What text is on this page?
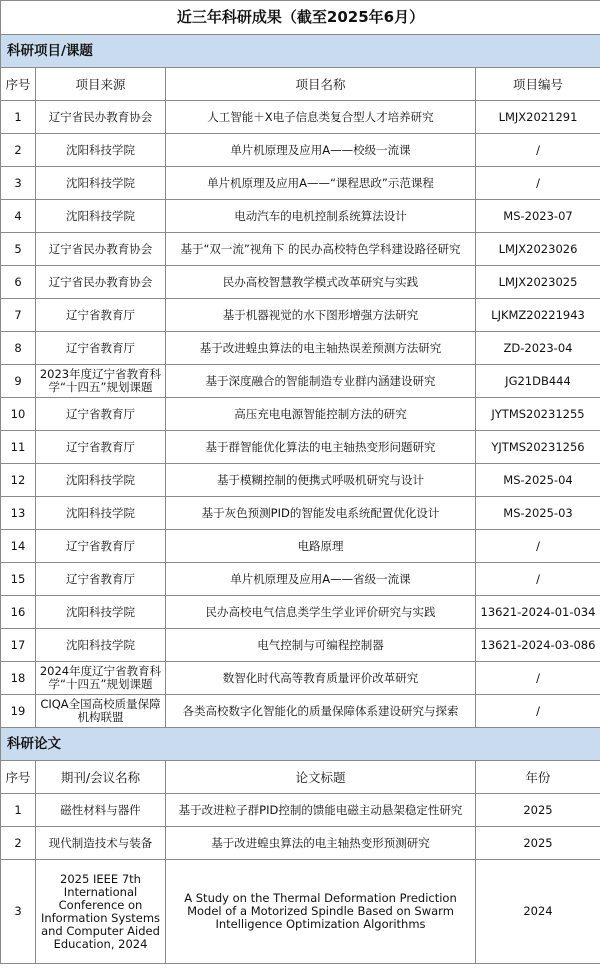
近三年科研成果（截至2025年6月）			
科研项目/课题			
序号	项目来源	项目名称	项目编号
1	辽宁省民办教育协会	人工智能＋X电子信息类复合型人才培养研究	LMJX2021291
2	沈阳科技学院	单片机原理及应用A——校级一流课	/
3	沈阳科技学院	单片机原理及应用A——“课程思政”示范课程	/
4	沈阳科技学院	电动汽车的电机控制系统算法设计	MS-2023-07
5	辽宁省民办教育协会	基于“双一流”视角下 的民办高校特色学科建设路径研究	LMJX2023026
6	辽宁省民办教育协会	民办高校智慧教学模式改革研究与实践	LMJX2023025
7	辽宁省教育厅	基于机器视觉的水下图形增强方法研究	LJKMZ20221943
8	辽宁省教育厅	基于改进蝗虫算法的电主轴热误差预测方法研究	ZD-2023-04
9	2023年度辽宁省教育科学“十四五”规划课题	基于深度融合的智能制造专业群内涵建设研究	JG21DB444
10	辽宁省教育厅	高压充电电源智能控制方法的研究	JYTMS20231255
11	辽宁省教育厅	基于群智能优化算法的电主轴热变形问题研究	YJTMS20231256
12	沈阳科技学院	基于模糊控制的便携式呼吸机研究与设计	MS-2025-04
13	沈阳科技学院	基于灰色预测PID的智能发电系统配置优化设计	MS-2025-03
14	辽宁省教育厅	电路原理	/
15	辽宁省教育厅	单片机原理及应用A——省级一流课	/
16	沈阳科技学院	民办高校电气信息类学生学业评价研究与实践	13621-2024-01-034
17	沈阳科技学院	电气控制与可编程控制器	13621-2024-03-086
18	2024年度辽宁省教育科学“十四五”规划课题	数智化时代高等教育质量评价改革研究	/
19	CIQA全国高校质量保障机构联盟	各类高校数字化智能化的质量保障体系建设研究与探索	/
科研论文			
序号	期刊/会议名称	论文标题	年份
1	磁性材料与器件	基于改进粒子群PID控制的馈能电磁主动悬架稳定性研究	2025
2	现代制造技术与装备	基于改进蝗虫算法的电主轴热变形预测研究	2025
3	2025 IEEE 7th International Conference on Information Systems and Computer Aided Education, 2024	A Study on the Thermal Deformation Prediction Model of a Motorized Spindle Based on Swarm Intelligence Optimization Algorithms	2024
